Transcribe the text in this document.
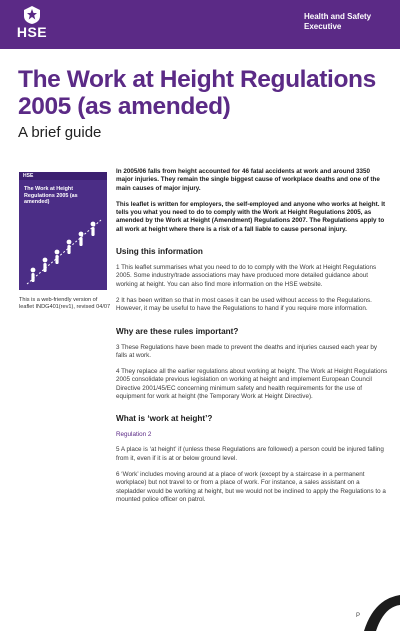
HSE
Health and Safety
Executive
The Work at Height Regulations 2005 (as amended)
A brief guide
HSE
The Work at Height Regulations 2005 (as amended)
This is a web-friendly version of leaflet INDG401(rev1), revised 04/07

In 2005/06 falls from height accounted for 46 fatal accidents at work and around 3350 major injuries. They remain the single biggest cause of workplace deaths and one of the main causes of major injury.

This leaflet is written for employers, the self-employed and anyone who works at height. It tells you what you need to do to comply with the Work at Height Regulations 2005, as amended by the Work at Height (Amendment) Regulations 2007. The Regulations apply to all work at height where there is a risk of a fall liable to cause personal injury.

Using this information

1 This leaflet summarises what you need to do to comply with the Work at Height Regulations 2005. Some industry/trade associations may have produced more detailed guidance about working at height. You can also find more information on the HSE website.

2 It has been written so that in most cases it can be used without access to the Regulations. However, it may be useful to have the Regulations to hand if you require more information.

Why are these rules important?

3 These Regulations have been made to prevent the deaths and injuries caused each year by falls at work.

4 They replace all the earlier regulations about working at height. The Work at Height Regulations 2005 consolidate previous legislation on working at height and implement European Council Directive 2001/45/EC concerning minimum safety and health requirements for the use of equipment for work at height (the Temporary Work at Height Directive).

What is ‘work at height’?
Regulation 2

5 A place is ‘at height’ if (unless these Regulations are followed) a person could be injured falling from it, even if it is at or below ground level.

6 ‘Work’ includes moving around at a place of work (except by a staircase in a permanent workplace) but not travel to or from a place of work. For instance, a sales assistant on a stepladder would be working at height, but we would not be inclined to apply the Regulations to a mounted police officer on patrol.

P
